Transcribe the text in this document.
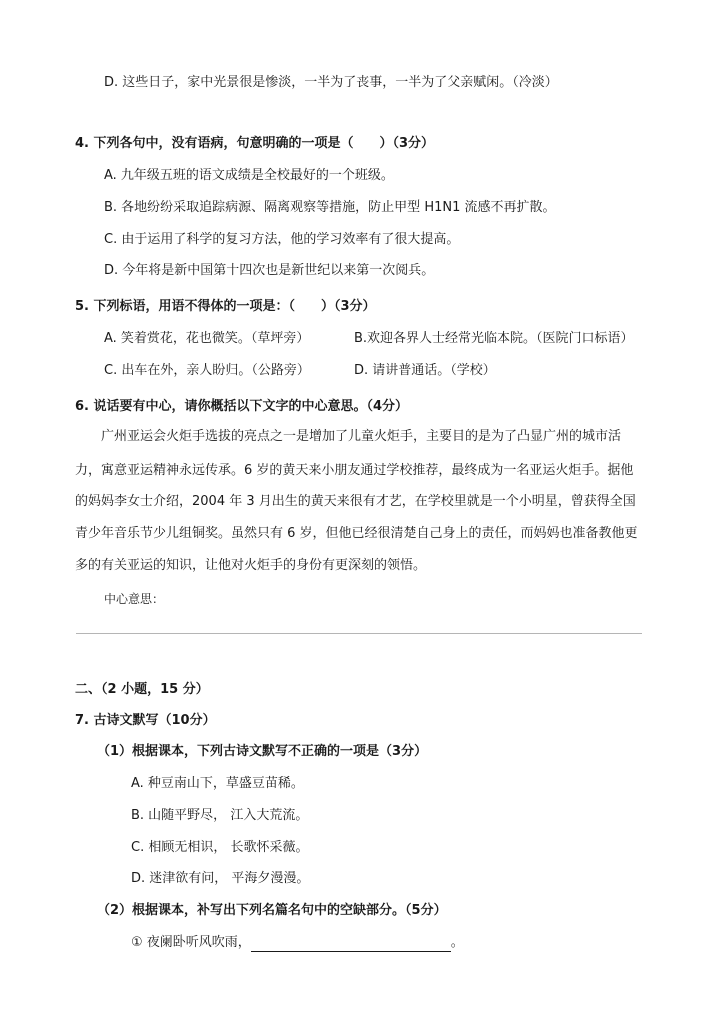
D. 这些日子，家中光景很是惨淡，一半为了丧事，一半为了父亲赋闲。（冷淡）
4. 下列各句中，没有语病，句意明确的一项是（　　）（3分）
A. 九年级五班的语文成绩是全校最好的一个班级。
B. 各地纷纷采取追踪病源、隔离观察等措施，防止甲型 H1N1 流感不再扩散。
C. 由于运用了科学的复习方法，他的学习效率有了很大提高。
D. 今年将是新中国第十四次也是新世纪以来第一次阅兵。
5. 下列标语，用语不得体的一项是：（　　）（3分）
A. 笑着赏花，花也微笑。（草坪旁）	B.欢迎各界人士经常光临本院。（医院门口标语）
C. 出车在外，亲人盼归。（公路旁）	D. 请讲普通话。（学校）
6. 说话要有中心，请你概括以下文字的中心意思。（4分）
广州亚运会火炬手选拔的亮点之一是增加了儿童火炬手，主要目的是为了凸显广州的城市活
力，寓意亚运精神永远传承。6 岁的黄天来小朋友通过学校推荐，最终成为一名亚运火炬手。据他
的妈妈李女士介绍，2004 年 3 月出生的黄天来很有才艺，在学校里就是一个小明星，曾获得全国
青少年音乐节少儿组铜奖。虽然只有 6 岁，但他已经很清楚自己身上的责任，而妈妈也准备教他更
多的有关亚运的知识，让他对火炬手的身份有更深刻的领悟。
中心意思：
二、（2 小题，15 分）
7. 古诗文默写（10分）
（1）根据课本，下列古诗文默写不正确的一项是（3分）
A. 种豆南山下，草盛豆苗稀。
B. 山随平野尽， 江入大荒流。
C. 相顾无相识， 长歌怀采薇。
D. 迷津欲有问， 平海夕漫漫。
（2）根据课本，补写出下列名篇名句中的空缺部分。（5分）
① 夜阑卧听风吹雨，	。
